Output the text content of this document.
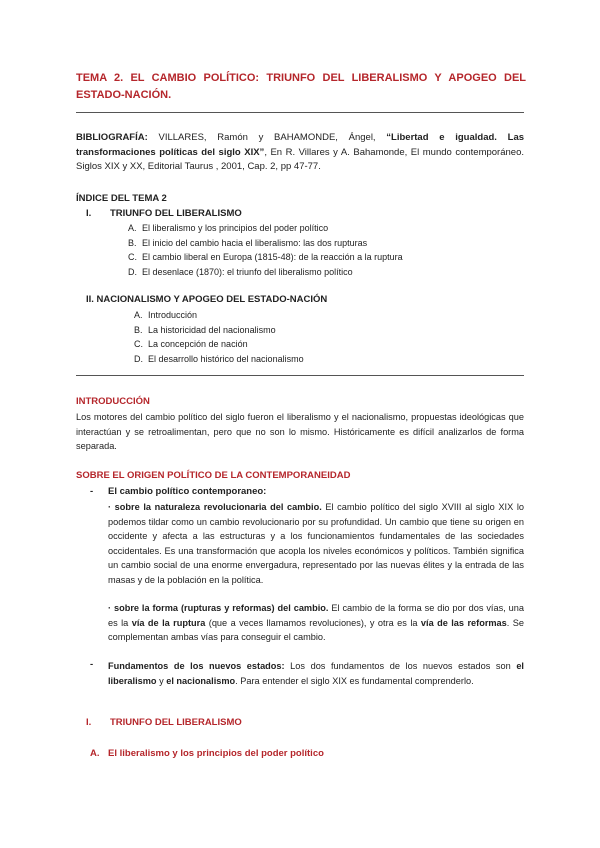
TEMA 2. EL CAMBIO POLÍTICO: TRIUNFO DEL LIBERALISMO Y APOGEO DEL ESTADO-NACIÓN.
BIBLIOGRAFÍA: VILLARES, Ramón y BAHAMONDE, Ángel, “Libertad e igualdad. Las transformaciones políticas del siglo XIX”, En R. Villares y A. Bahamonde, El mundo contemporáneo. Siglos XIX y XX, Editorial Taurus , 2001, Cap. 2, pp 47-77.
ÍNDICE DEL TEMA 2
I. TRIUNFO DEL LIBERALISMO
A. El liberalismo y los principios del poder político
B. El inicio del cambio hacia el liberalismo: las dos rupturas
C. El cambio liberal en Europa (1815-48): de la reacción a la ruptura
D. El desenlace (1870): el triunfo del liberalismo político
II. NACIONALISMO Y APOGEO DEL ESTADO-NACIÓN
A. Introducción
B. La historicidad del nacionalismo
C. La concepción de nación
D. El desarrollo histórico del nacionalismo
INTRODUCCIÓN
Los motores del cambio político del siglo fueron el liberalismo y el nacionalismo, propuestas ideológicas que interactúan y se retroalimentan, pero que no son lo mismo. Históricamente es difícil analizarlos de forma separada.
SOBRE EL ORIGEN POLÍTICO DE LA CONTEMPORANEIDAD
- El cambio político contemporaneo:
· sobre la naturaleza revolucionaria del cambio. El cambio político del siglo XVIII al siglo XIX lo podemos tildar como un cambio revolucionario por su profundidad. Un cambio que tiene su origen en occidente y afecta a las estructuras y a los funcionamientos fundamentales de las sociedades occidentales. Es una transformación que acopla los niveles económicos y políticos. También significa un cambio social de una enorme envergadura, representado por las nuevas élites y la entrada de las masas y de la población en la política.
· sobre la forma (rupturas y reformas) del cambio. El cambio de la forma se dio por dos vías, una es la vía de la ruptura (que a veces llamamos revoluciones), y otra es la vía de las reformas. Se complementan ambas vías para conseguir el cambio.
- Fundamentos de los nuevos estados: Los dos fundamentos de los nuevos estados son el liberalismo y el nacionalismo. Para entender el siglo XIX es fundamental comprenderlo.
I. TRIUNFO DEL LIBERALISMO
A. El liberalismo y los principios del poder político
